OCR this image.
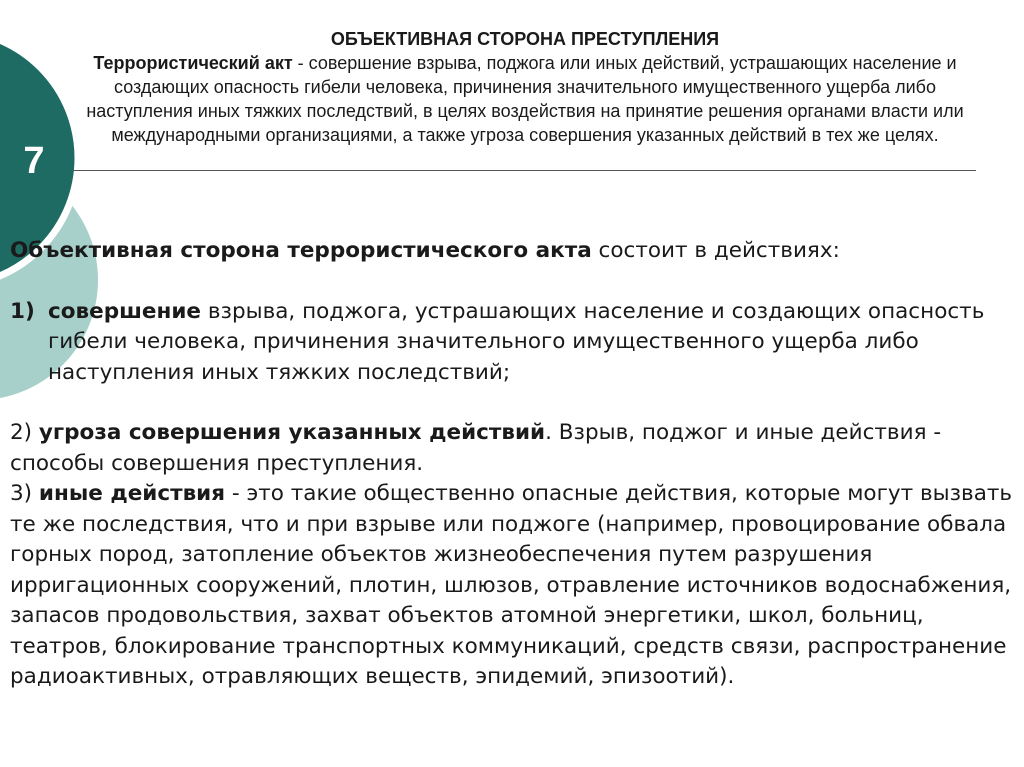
7
ОБЪЕКТИВНАЯ СТОРОНА ПРЕСТУПЛЕНИЯ
Террористический акт - совершение взрыва, поджога или иных действий, устрашающих население и создающих опасность гибели человека, причинения значительного имущественного ущерба либо наступления иных тяжких последствий, в целях воздействия на принятие решения органами власти или международными организациями, а также угроза совершения указанных действий в тех же целях.

Объективная сторона террористического акта состоит в действиях:

1) совершение взрыва, поджога, устрашающих население и создающих опасность гибели человека, причинения значительного имущественного ущерба либо наступления иных тяжких последствий;

2) угроза совершения указанных действий. Взрыв, поджог и иные действия - способы совершения преступления.

3) иные действия - это такие общественно опасные действия, которые могут вызвать те же последствия, что и при взрыве или поджоге (например, провоцирование обвала горных пород, затопление объектов жизнеобеспечения путем разрушения ирригационных сооружений, плотин, шлюзов, отравление источников водоснабжения, запасов продовольствия, захват объектов атомной энергетики, школ, больниц, театров, блокирование транспортных коммуникаций, средств связи, распространение радиоактивных, отравляющих веществ, эпидемий, эпизоотий).
